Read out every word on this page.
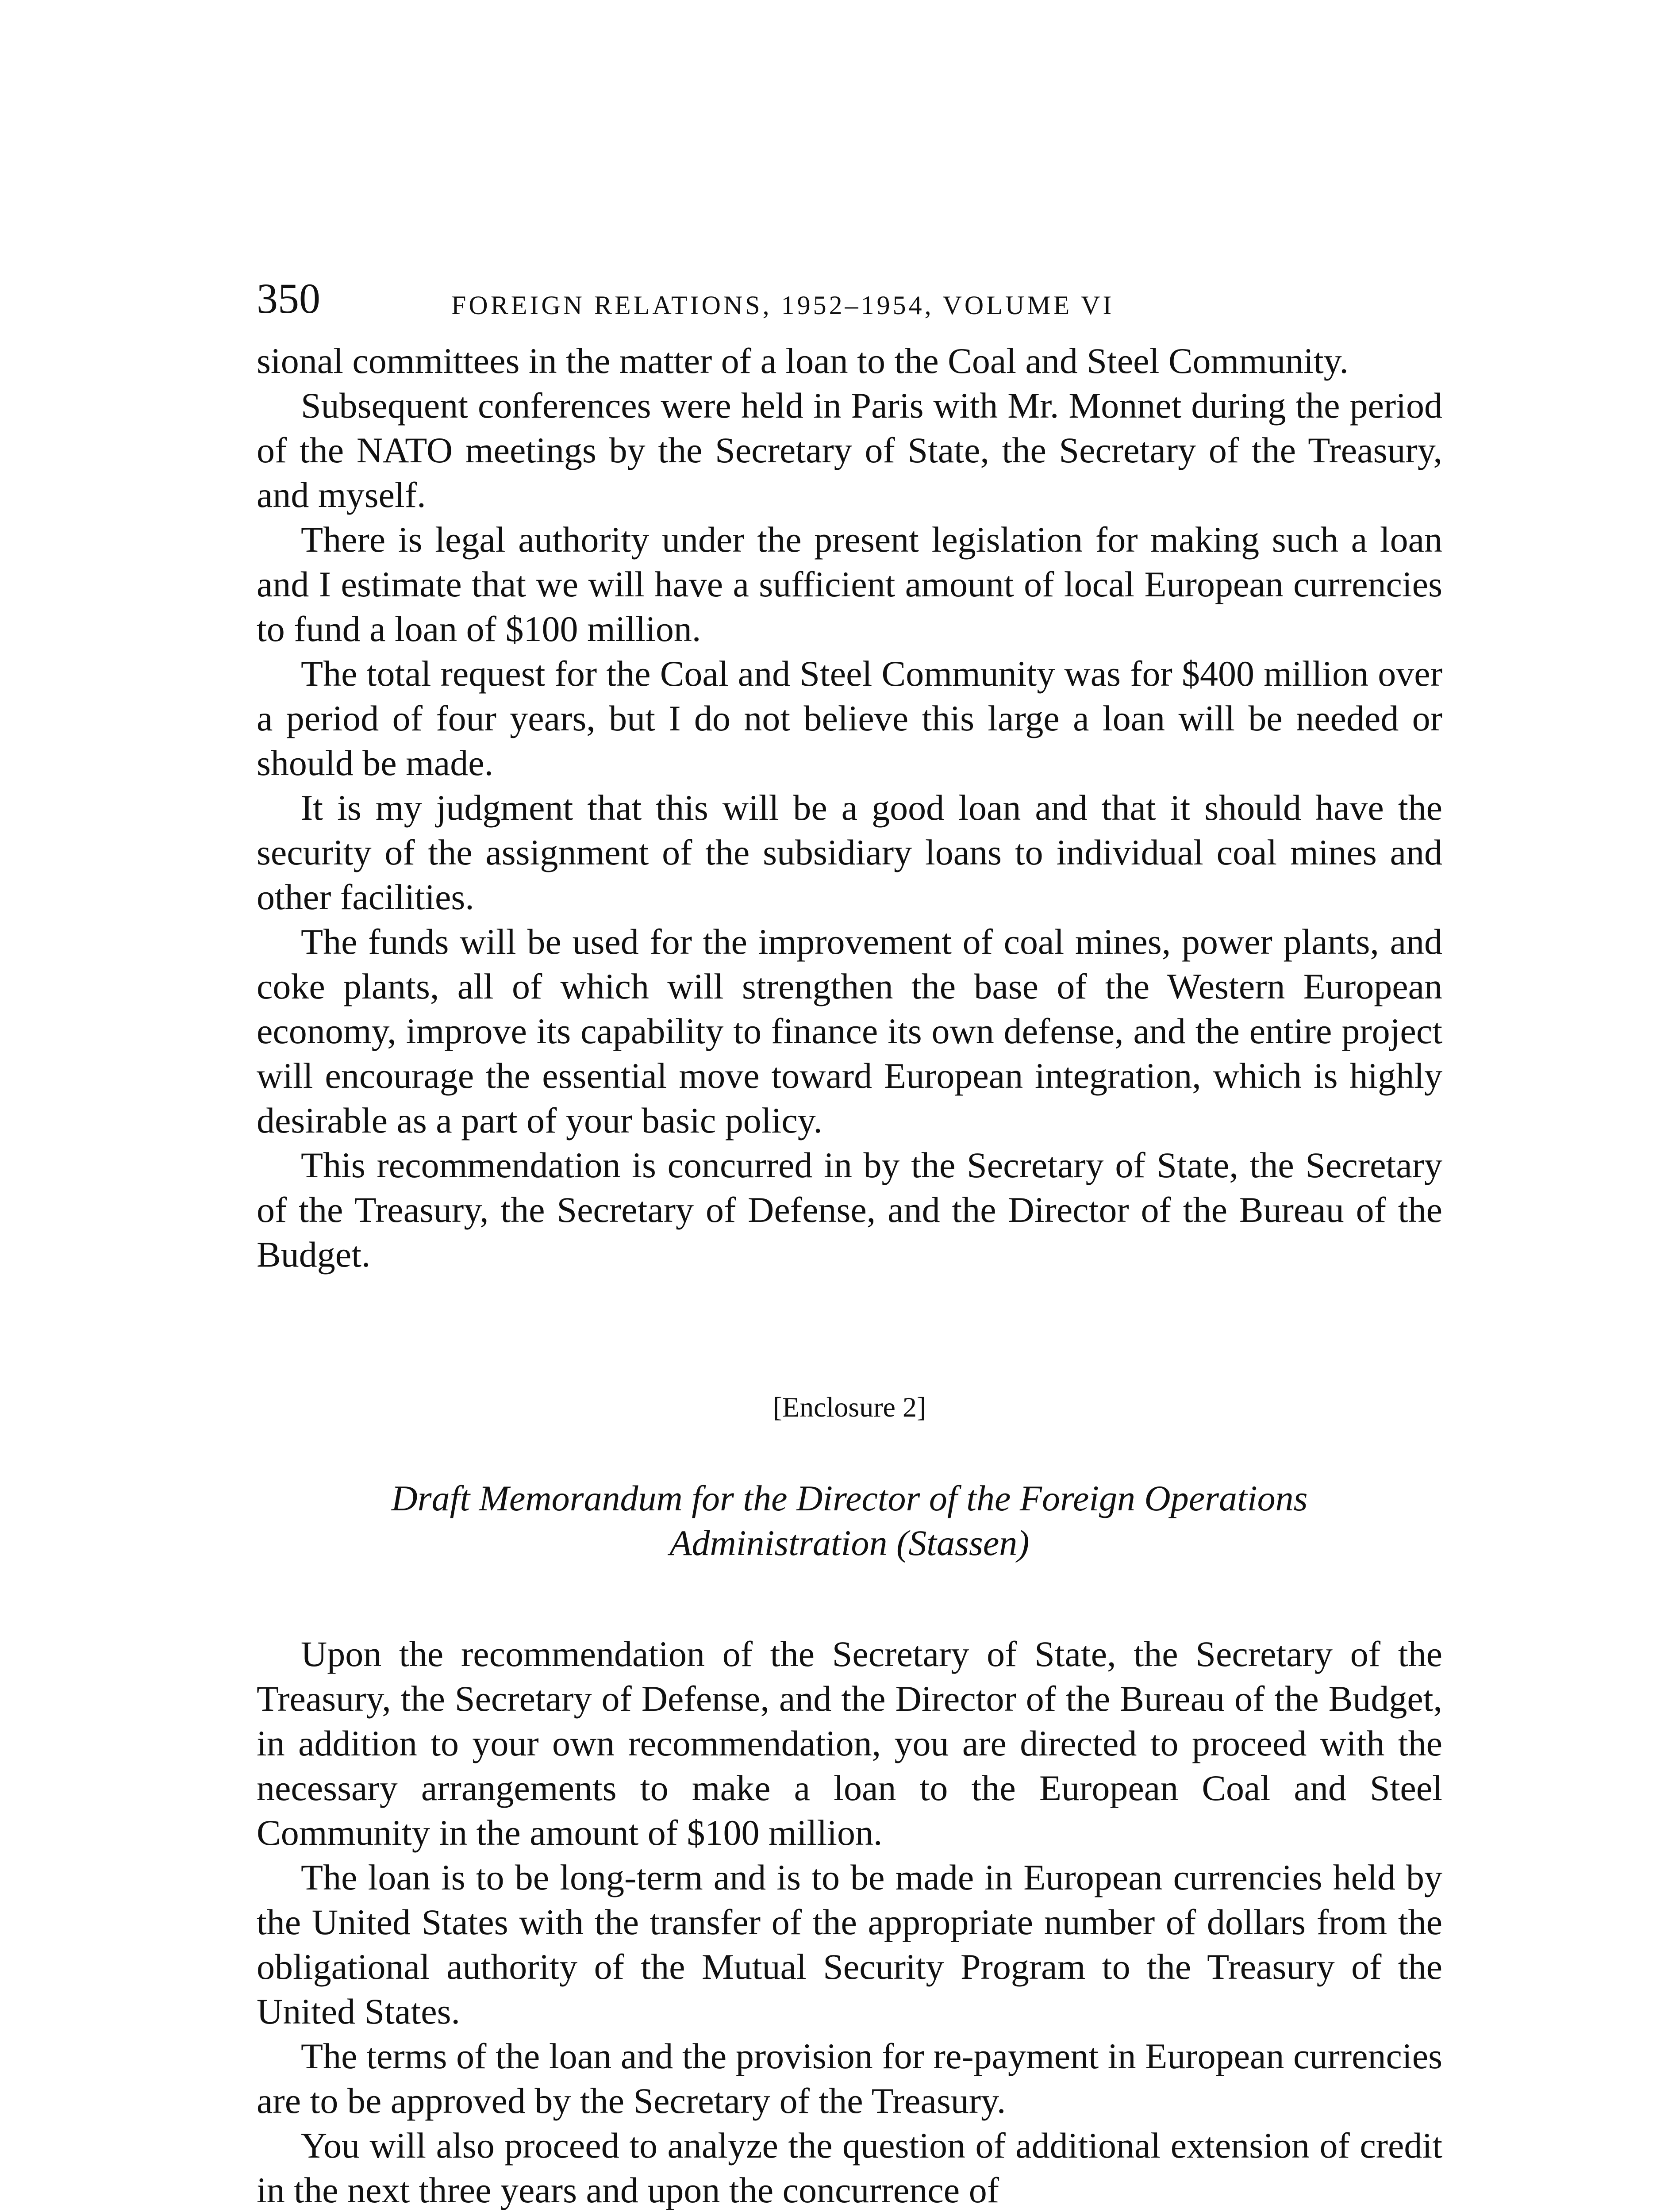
350	FOREIGN RELATIONS, 1952–1954, VOLUME VI

sional committees in the matter of a loan to the Coal and Steel Community.

Subsequent conferences were held in Paris with Mr. Monnet during the period of the NATO meetings by the Secretary of State, the Secretary of the Treasury, and myself.

There is legal authority under the present legislation for making such a loan and I estimate that we will have a sufficient amount of local European currencies to fund a loan of $100 million.

The total request for the Coal and Steel Community was for $400 million over a period of four years, but I do not believe this large a loan will be needed or should be made.

It is my judgment that this will be a good loan and that it should have the security of the assignment of the subsidiary loans to individual coal mines and other facilities.

The funds will be used for the improvement of coal mines, power plants, and coke plants, all of which will strengthen the base of the Western European economy, improve its capability to finance its own defense, and the entire project will encourage the essential move toward European integration, which is highly desirable as a part of your basic policy.

This recommendation is concurred in by the Secretary of State, the Secretary of the Treasury, the Secretary of Defense, and the Director of the Bureau of the Budget.

[Enclosure 2]
Draft Memorandum for the Director of the Foreign Operations
Administration (Stassen)

Upon the recommendation of the Secretary of State, the Secretary of the Treasury, the Secretary of Defense, and the Director of the Bureau of the Budget, in addition to your own recommendation, you are directed to proceed with the necessary arrangements to make a loan to the European Coal and Steel Community in the amount of $100 million.

The loan is to be long-term and is to be made in European currencies held by the United States with the transfer of the appropriate number of dollars from the obligational authority of the Mutual Security Program to the Treasury of the United States.

The terms of the loan and the provision for re-payment in European currencies are to be approved by the Secretary of the Treasury.

You will also proceed to analyze the question of additional extension of credit in the next three years and upon the concurrence of
